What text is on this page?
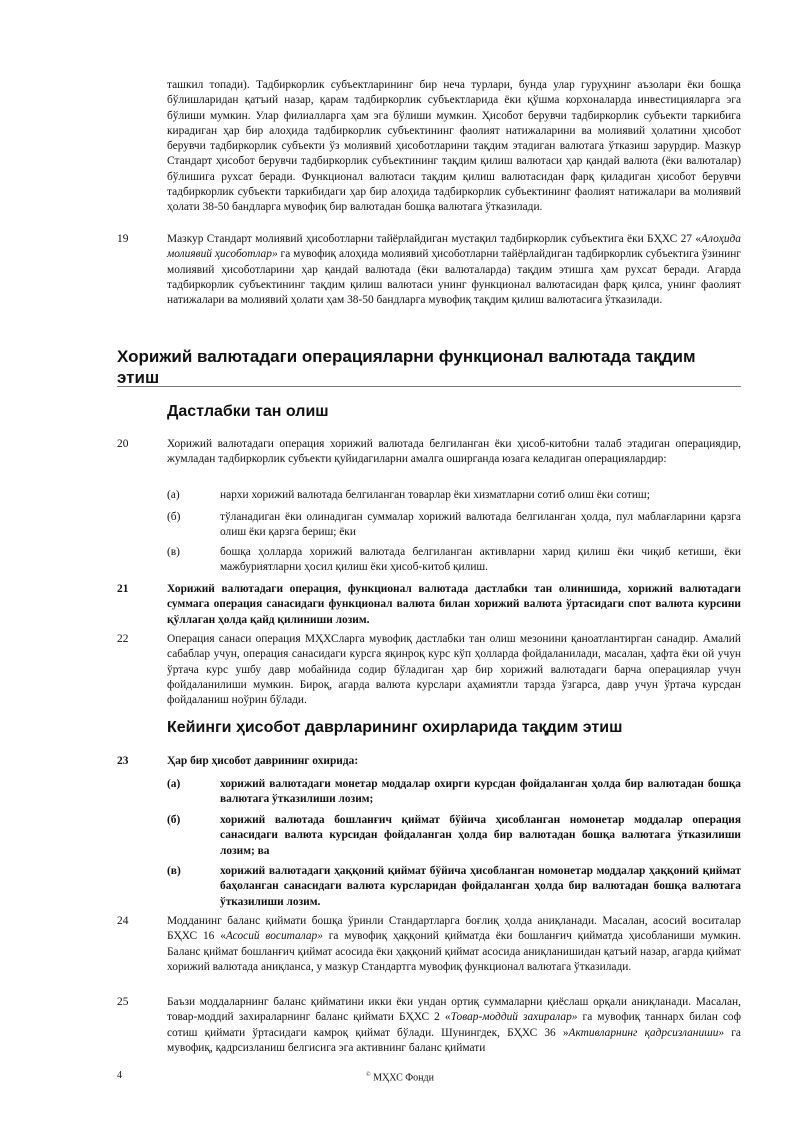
ташкил топади). Тадбиркорлик субъектларининг бир неча турлари, бунда улар гуруҳнинг аъзолари ёки бошқа бўлишларидан қатъий назар, қарам тадбиркорлик субъектларида ёки қўшма корхоналарда инвестицияларга эга бўлиши мумкин. Улар филиалларга ҳам эга бўлиши мумкин. Ҳисобот берувчи тадбиркорлик субъекти таркибига кирадиган ҳар бир алоҳида тадбиркорлик субъектининг фаолият натижаларини ва молиявий ҳолатини ҳисобот берувчи тадбиркорлик субъекти ўз молиявий ҳисоботларини тақдим этадиган валютага ўтказиш зарурдир. Мазкур Стандарт ҳисобот берувчи тадбиркорлик субъектининг тақдим қилиш валютаси ҳар қандай валюта (ёки валюталар) бўлишига рухсат беради. Функционал валютаси тақдим қилиш валютасидан фарқ қиладиган ҳисобот берувчи тадбиркорлик субъекти таркибидаги ҳар бир алоҳида тадбиркорлик субъектининг фаолият натижалари ва молиявий ҳолати 38-50 бандларга мувофиқ бир валютадан бошқа валютага ўтказилади.
19	Мазкур Стандарт молиявий ҳисоботларни тайёрлайдиган мустақил тадбиркорлик субъектига ёки БҲХС 27 «Алоҳида молиявий ҳисоботлар» га мувофиқ алоҳида молиявий ҳисоботларни тайёрлайдиган тадбиркорлик субъектига ўзининг молиявий ҳисоботларини ҳар қандай валютада (ёки валюталарда) тақдим этишга ҳам рухсат беради. Агарда тадбиркорлик субъектининг тақдим қилиш валютаси унинг функционал валютасидан фарқ қилса, унинг фаолият натижалари ва молиявий ҳолати ҳам 38-50 бандларга мувофиқ тақдим қилиш валютасига ўтказилади.
Хорижий валютадаги операцияларни функционал валютада тақдим этиш
Дастлабки тан олиш
20	Хорижий валютадаги операция хорижий валютада белгиланган ёки ҳисоб-китобни талаб этадиган операциядир, жумладан тадбиркорлик субъекти қуйидагиларни амалга оширганда юзага келадиган операциялардир:
(а)	нархи хорижий валютада белгиланган товарлар ёки хизматларни сотиб олиш ёки сотиш;
(б)	тўланадиган ёки олинадиган суммалар хорижий валютада белгиланган ҳолда, пул маблағларини қарзга олиш ёки қарзга бериш; ёки
(в)	бошқа ҳолларда хорижий валютада белгиланган активларни харид қилиш ёки чиқиб кетиши, ёки мажбуриятларни ҳосил қилиш ёки ҳисоб-китоб қилиш.
21	Хорижий валютадаги операция, функционал валютада дастлабки тан олинишида, хорижий валютадаги суммага операция санасидаги функционал валюта билан хорижий валюта ўртасидаги спот валюта курсини қўллаган ҳолда қайд қилиниши лозим.
22	Операция санаси операция МҲХСларга мувофиқ дастлабки тан олиш мезонини қаноатлантирган санадир. Амалий сабаблар учун, операция санасидаги курсга яқинроқ курс кўп ҳолларда фойдаланилади, масалан, ҳафта ёки ой учун ўртача курс ушбу давр мобайнида содир бўладиган ҳар бир хорижий валютадаги барча операциялар учун фойдаланилиши мумкин. Бироқ, агарда валюта курслари аҳамиятли тарзда ўзгарса, давр учун ўртача курсдан фойдаланиш ноўрин бўлади.
Кейинги ҳисобот даврларининг охирларида тақдим этиш
23	Ҳар бир ҳисобот даврининг охирида:
(а)	хорижий валютадаги монетар моддалар охирги курсдан фойдаланган ҳолда бир валютадан бошқа валютага ўтказилиши лозим;
(б)	хорижий валютада бошланғич қиймат бўйича ҳисобланган номонетар моддалар операция санасидаги валюта курсидан фойдаланган ҳолда бир валютадан бошқа валютага ўтказилиши лозим; ва
(в)	хорижий валютадаги ҳаққоний қиймат бўйича ҳисобланган номонетар моддалар ҳаққоний қиймат баҳоланган санасидаги валюта курсларидан фойдаланган ҳолда бир валютадан бошқа валютага ўтказилиши лозим.
24	Модданинг баланс қиймати бошқа ўринли Стандартларга боғлиқ ҳолда аниқланади. Масалан, асосий воситалар БҲХС 16 «Асосий воситалар» га мувофиқ ҳаққоний қийматда ёки бошланғич қийматда ҳисобланиши мумкин. Баланс қиймат бошланғич қиймат асосида ёки ҳаққоний қиймат асосида аниқланишидан қатъий назар, агарда қиймат хорижий валютада аниқланса, у мазкур Стандартга мувофиқ функционал валютага ўтказилади.
25	Баъзи моддаларнинг баланс қийматини икки ёки ундан ортиқ суммаларни қиёслаш орқали аниқланади. Масалан, товар-моддий захираларнинг баланс қиймати БҲХС 2 «Товар-моддий захиралар» га мувофиқ таннарх билан соф сотиш қиймати ўртасидаги камроқ қиймат бўлади. Шунингдек, БҲХС 36 »Активларнинг қадрсизланиши» га мувофиқ, қадрсизланиш белгисига эга активнинг баланс қиймати
4	© МҲХС Фонди
